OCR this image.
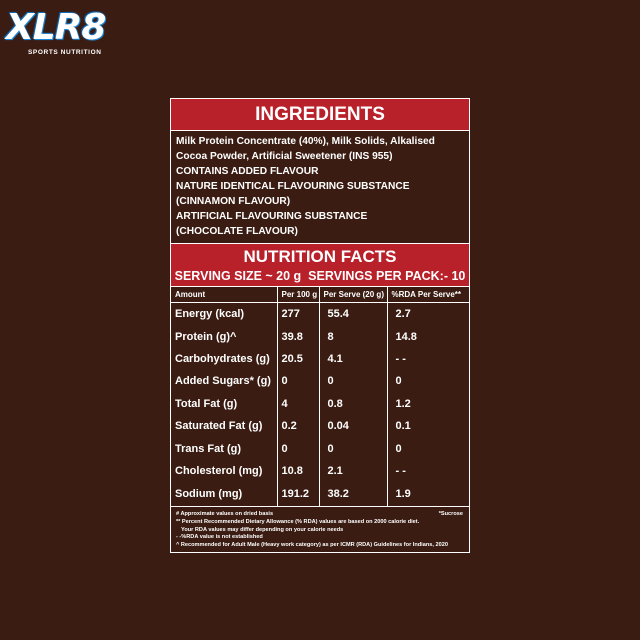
XLR8
SPORTS NUTRITION
INGREDIENTS
Milk Protein Concentrate (40%), Milk Solids, Alkalised
Cocoa Powder, Artificial Sweetener (INS 955)
CONTAINS ADDED FLAVOUR
NATURE IDENTICAL FLAVOURING SUBSTANCE
(CINNAMON FLAVOUR)
ARTIFICIAL FLAVOURING SUBSTANCE
(CHOCOLATE FLAVOUR)
NUTRITION FACTS
SERVING SIZE ~ 20 g SERVINGS PER PACK:- 10
Amount	Per 100 g	Per Serve (20 g)	%RDA Per Serve**
Energy (kcal)	277	55.4	2.7
Protein (g)^	39.8	8	14.8
Carbohydrates (g)	20.5	4.1	- -
Added Sugars* (g)	0	0	0
Total Fat (g)	4	0.8	1.2
Saturated Fat (g)	0.2	0.04	0.1
Trans Fat (g)	0	0	0
Cholesterol (mg)	10.8	2.1	- -
Sodium (mg)	191.2	38.2	1.9
*Sucrose
# Approximate values on dried basis
** Percent Recommended Dietary Allowance (% RDA) values are based on 2000 calorie diet.
Your RDA values may differ depending on your calorie needs
- -%RDA value is not established
^ Recommended for Adult Male (Heavy work category) as per ICMR (RDA) Guidelines for Indians, 2020
